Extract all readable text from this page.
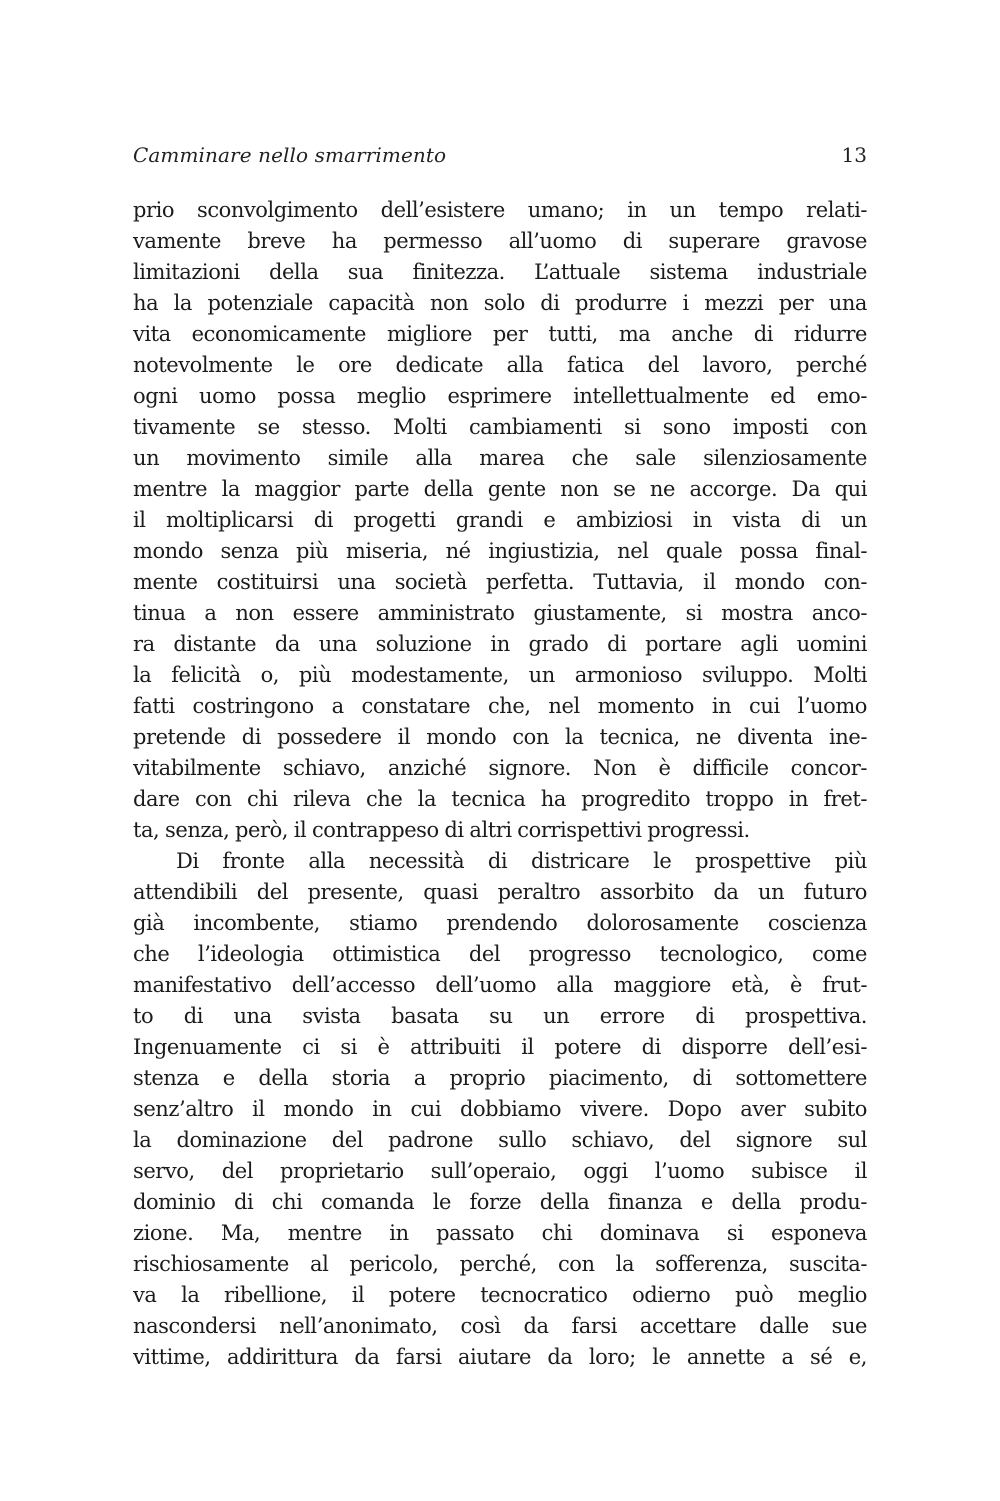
Camminare nello smarrimento	13
prio sconvolgimento dell’esistere umano; in un tempo relati-
vamente breve ha permesso all’uomo di superare gravose
limitazioni della sua finitezza. L’attuale sistema industriale
ha la potenziale capacità non solo di produrre i mezzi per una
vita economicamente migliore per tutti, ma anche di ridurre
notevolmente le ore dedicate alla fatica del lavoro, perché
ogni uomo possa meglio esprimere intellettualmente ed emo-
tivamente se stesso. Molti cambiamenti si sono imposti con
un movimento simile alla marea che sale silenziosamente
mentre la maggior parte della gente non se ne accorge. Da qui
il moltiplicarsi di progetti grandi e ambiziosi in vista di un
mondo senza più miseria, né ingiustizia, nel quale possa final-
mente costituirsi una società perfetta. Tuttavia, il mondo con-
tinua a non essere amministrato giustamente, si mostra anco-
ra distante da una soluzione in grado di portare agli uomini
la felicità o, più modestamente, un armonioso sviluppo. Molti
fatti costringono a constatare che, nel momento in cui l’uomo
pretende di possedere il mondo con la tecnica, ne diventa ine-
vitabilmente schiavo, anziché signore. Non è difficile concor-
dare con chi rileva che la tecnica ha progredito troppo in fret-
ta, senza, però, il contrappeso di altri corrispettivi progressi.
Di fronte alla necessità di districare le prospettive più
attendibili del presente, quasi peraltro assorbito da un futuro
già incombente, stiamo prendendo dolorosamente coscienza
che l’ideologia ottimistica del progresso tecnologico, come
manifestativo dell’accesso dell’uomo alla maggiore età, è frut-
to di una svista basata su un errore di prospettiva.
Ingenuamente ci si è attribuiti il potere di disporre dell’esi-
stenza e della storia a proprio piacimento, di sottomettere
senz’altro il mondo in cui dobbiamo vivere. Dopo aver subito
la dominazione del padrone sullo schiavo, del signore sul
servo, del proprietario sull’operaio, oggi l’uomo subisce il
dominio di chi comanda le forze della finanza e della produ-
zione. Ma, mentre in passato chi dominava si esponeva
rischiosamente al pericolo, perché, con la sofferenza, suscita-
va la ribellione, il potere tecnocratico odierno può meglio
nascondersi nell’anonimato, così da farsi accettare dalle sue
vittime, addirittura da farsi aiutare da loro; le annette a sé e,
